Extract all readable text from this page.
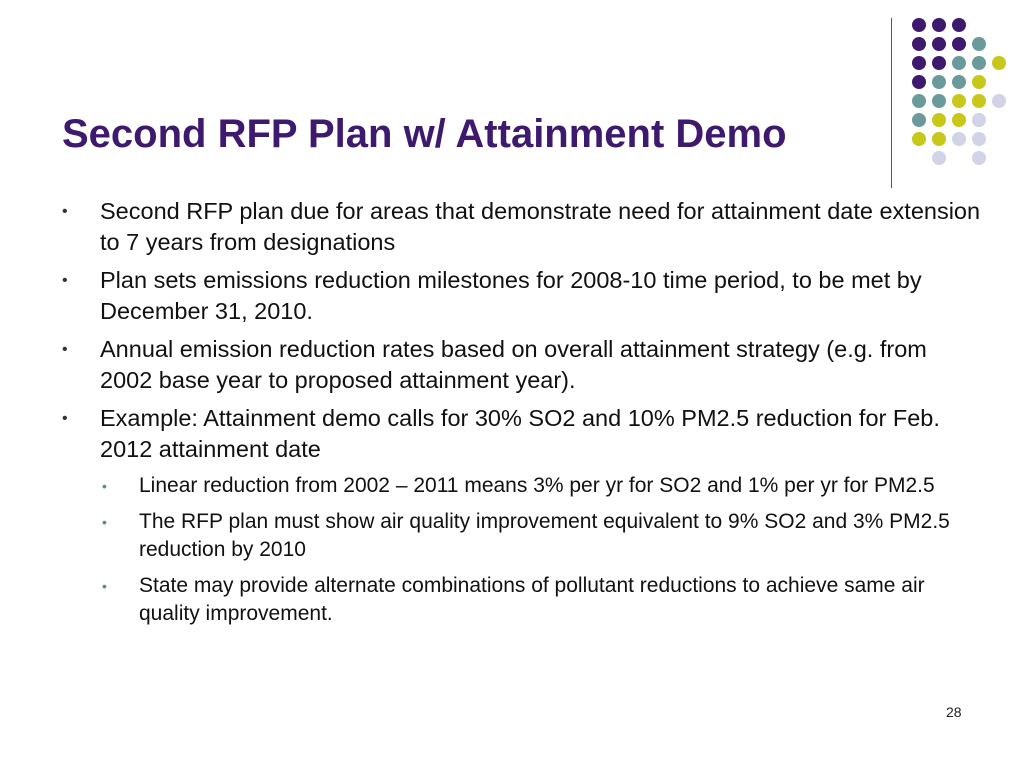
Second RFP Plan w/ Attainment Demo
• Second RFP plan due for areas that demonstrate need for attainment date extension to 7 years from designations
• Plan sets emissions reduction milestones for 2008-10 time period, to be met by December 31, 2010.
• Annual emission reduction rates based on overall attainment strategy (e.g. from 2002 base year to proposed attainment year).
• Example: Attainment demo calls for 30% SO2 and 10% PM2.5 reduction for Feb. 2012 attainment date
• Linear reduction from 2002 – 2011 means 3% per yr for SO2 and 1% per yr for PM2.5
• The RFP plan must show air quality improvement equivalent to 9% SO2 and 3% PM2.5 reduction by 2010
• State may provide alternate combinations of pollutant reductions to achieve same air quality improvement.
28
